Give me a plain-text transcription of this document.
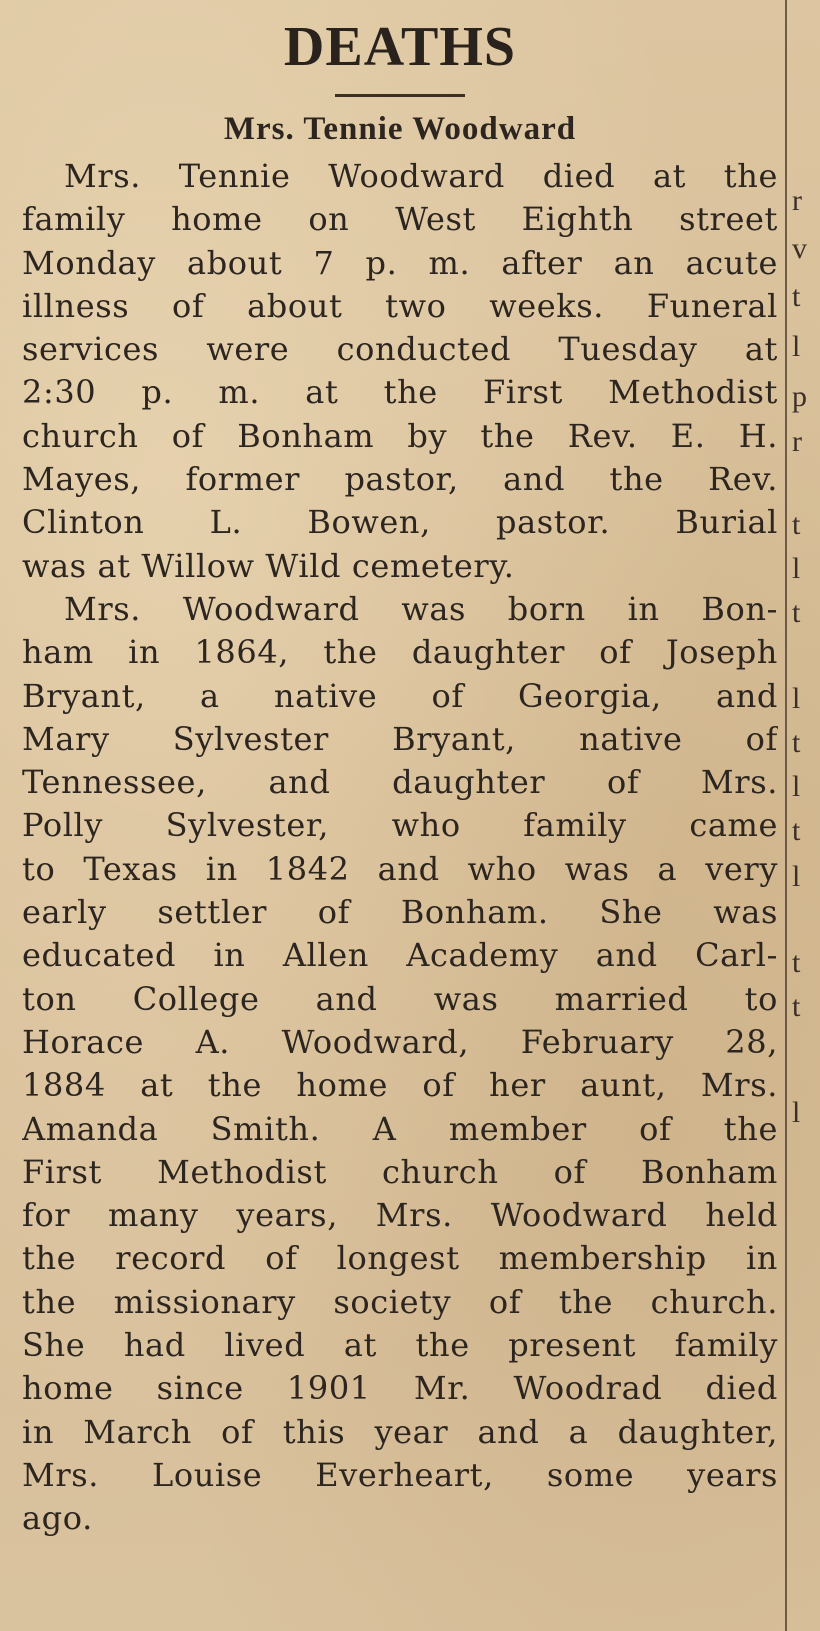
DEATHS
Mrs. Tennie Woodward

Mrs. Tennie Woodward died at the
family home on West Eighth street
Monday about 7 p. m. after an acute
illness of about two weeks. Funeral
services were conducted Tuesday at
2:30 p. m. at the First Methodist
church of Bonham by the Rev. E. H.
Mayes, former pastor, and the Rev.
Clinton L. Bowen, pastor. Burial
was at Willow Wild cemetery.

Mrs. Woodward was born in Bon-
ham in 1864, the daughter of Joseph
Bryant, a native of Georgia, and
Mary Sylvester Bryant, native of
Tennessee, and daughter of Mrs.
Polly Sylvester, who family came
to Texas in 1842 and who was a very
early settler of Bonham. She was
educated in Allen Academy and Carl-
ton College and was married to
Horace A. Woodward, February 28,
1884 at the home of her aunt, Mrs.
Amanda Smith. A member of the
First Methodist church of Bonham
for many years, Mrs. Woodward held
the record of longest membership in
the missionary society of the church.
She had lived at the present family
home since 1901 Mr. Woodrad died
in March of this year and a daughter,
Mrs. Louise Everheart, some years
ago.

r
v
t
l
p
r
t
l
t
l
t
l
t
l
t
t
l
